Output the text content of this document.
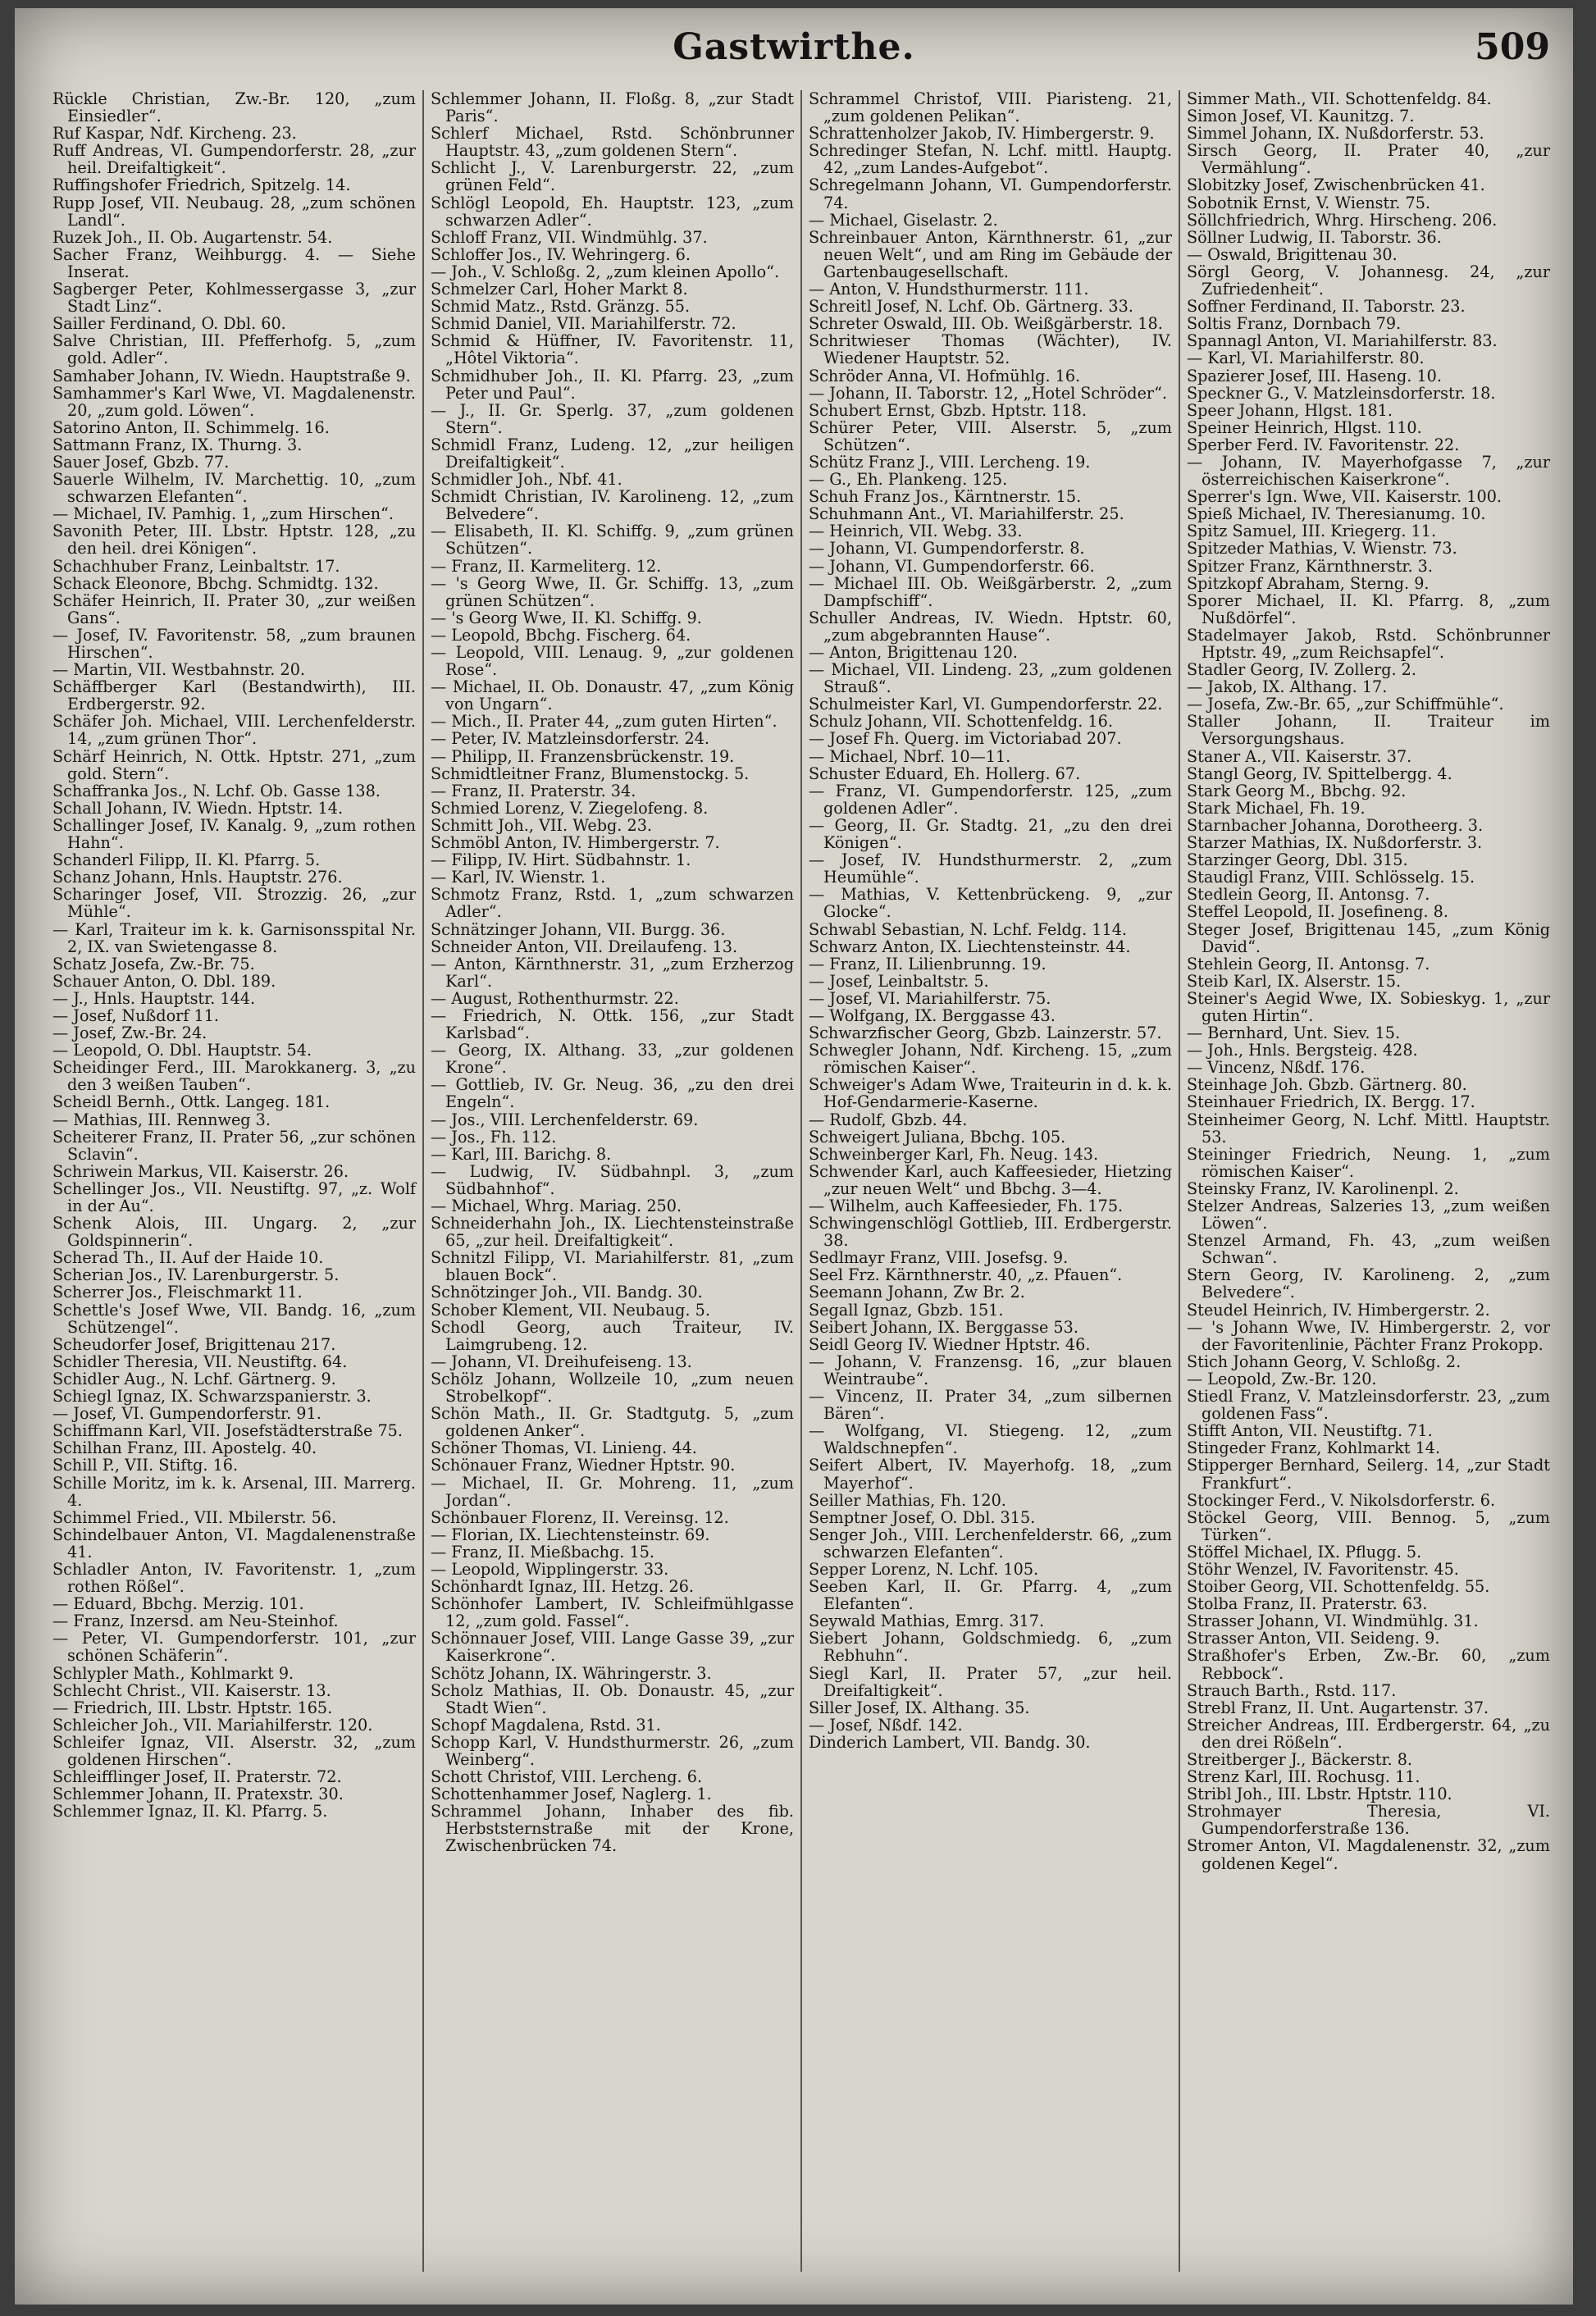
Gastwirthe.	509

Rückle Christian, Zw.-Br. 120, „zum Einsiedler“.

Ruf Kaspar, Ndf. Kircheng. 23.

Ruff Andreas, VI. Gumpendorferstr. 28, „zur heil. Dreifaltigkeit“.

Ruffingshofer Friedrich, Spitzelg. 14.

Rupp Josef, VII. Neubaug. 28, „zum schönen Landl“.

Ruzek Joh., II. Ob. Augartenstr. 54.

Sacher Franz, Weihburgg. 4. — Siehe Inserat.

Sagberger Peter, Kohlmessergasse 3, „zur Stadt Linz“.

Sailler Ferdinand, O. Dbl. 60.

Salve Christian, III. Pfefferhofg. 5, „zum gold. Adler“.

Samhaber Johann, IV. Wiedn. Hauptstraße 9.

Samhammer's Karl Wwe, VI. Magdalenenstr. 20, „zum gold. Löwen“.

Satorino Anton, II. Schimmelg. 16.

Sattmann Franz, IX. Thurng. 3.

Sauer Josef, Gbzb. 77.

Sauerle Wilhelm, IV. Marchettig. 10, „zum schwarzen Elefanten“.

— Michael, IV. Pamhig. 1, „zum Hirschen“.

Savonith Peter, III. Lbstr. Hptstr. 128, „zu den heil. drei Königen“.

Schachhuber Franz, Leinbaltstr. 17.

Schack Eleonore, Bbchg. Schmidtg. 132.

Schäfer Heinrich, II. Prater 30, „zur weißen Gans“.

— Josef, IV. Favoritenstr. 58, „zum braunen Hirschen“.

— Martin, VII. Westbahnstr. 20.

Schäffberger Karl (Bestandwirth), III. Erdbergerstr. 92.

Schäfer Joh. Michael, VIII. Lerchenfelderstr. 14, „zum grünen Thor“.

Schärf Heinrich, N. Ottk. Hptstr. 271, „zum gold. Stern“.

Schaffranka Jos., N. Lchf. Ob. Gasse 138.

Schall Johann, IV. Wiedn. Hptstr. 14.

Schallinger Josef, IV. Kanalg. 9, „zum rothen Hahn“.

Schanderl Filipp, II. Kl. Pfarrg. 5.

Schanz Johann, Hnls. Hauptstr. 276.

Scharinger Josef, VII. Strozzig. 26, „zur Mühle“.

— Karl, Traiteur im k. k. Garnisonsspital Nr. 2, IX. van Swietengasse 8.

Schatz Josefa, Zw.-Br. 75.

Schauer Anton, O. Dbl. 189.

— J., Hnls. Hauptstr. 144.

— Josef, Nußdorf 11.

— Josef, Zw.-Br. 24.

— Leopold, O. Dbl. Hauptstr. 54.

Scheidinger Ferd., III. Marokkanerg. 3, „zu den 3 weißen Tauben“.

Scheidl Bernh., Ottk. Langeg. 181.

— Mathias, III. Rennweg 3.

Scheiterer Franz, II. Prater 56, „zur schönen Sclavin“.

Schriwein Markus, VII. Kaiserstr. 26.

Schellinger Jos., VII. Neustiftg. 97, „z. Wolf in der Au“.

Schenk Alois, III. Ungarg. 2, „zur Goldspinnerin“.

Scherad Th., II. Auf der Haide 10.

Scherian Jos., IV. Larenburgerstr. 5.

Scherrer Jos., Fleischmarkt 11.

Schettle's Josef Wwe, VII. Bandg. 16, „zum Schützengel“.

Scheudorfer Josef, Brigittenau 217.

Schidler Theresia, VII. Neustiftg. 64.

Schidler Aug., N. Lchf. Gärtnerg. 9.

Schiegl Ignaz, IX. Schwarzspanierstr. 3.

— Josef, VI. Gumpendorferstr. 91.

Schiffmann Karl, VII. Josefstädterstraße 75.

Schilhan Franz, III. Apostelg. 40.

Schill P., VII. Stiftg. 16.

Schille Moritz, im k. k. Arsenal, III. Marrerg. 4.

Schimmel Fried., VII. Mbilerstr. 56.

Schindelbauer Anton, VI. Magdalenenstraße 41.

Schladler Anton, IV. Favoritenstr. 1, „zum rothen Rößel“.

— Eduard, Bbchg. Merzig. 101.

— Franz, Inzersd. am Neu-Steinhof.

— Peter, VI. Gumpendorferstr. 101, „zur schönen Schäferin“.

Schlypler Math., Kohlmarkt 9.

Schlecht Christ., VII. Kaiserstr. 13.

— Friedrich, III. Lbstr. Hptstr. 165.

Schleicher Joh., VII. Mariahilferstr. 120.

Schleifer Ignaz, VII. Alserstr. 32, „zum goldenen Hirschen“.

Schleifflinger Josef, II. Praterstr. 72.

Schlemmer Johann, II. Pratexstr. 30.

Schlemmer Ignaz, II. Kl. Pfarrg. 5.

Schlemmer Johann, II. Floßg. 8, „zur Stadt Paris“.

Schlerf Michael, Rstd. Schönbrunner Hauptstr. 43, „zum goldenen Stern“.

Schlicht J., V. Larenburgerstr. 22, „zum grünen Feld“.

Schlögl Leopold, Eh. Hauptstr. 123, „zum schwarzen Adler“.

Schloff Franz, VII. Windmühlg. 37.

Schloffer Jos., IV. Wehringerg. 6.

— Joh., V. Schloßg. 2, „zum kleinen Apollo“.

Schmelzer Carl, Hoher Markt 8.

Schmid Matz., Rstd. Gränzg. 55.

Schmid Daniel, VII. Mariahilferstr. 72.

Schmid & Hüffner, IV. Favoritenstr. 11, „Hôtel Viktoria“.

Schmidhuber Joh., II. Kl. Pfarrg. 23, „zum Peter und Paul“.

— J., II. Gr. Sperlg. 37, „zum goldenen Stern“.

Schmidl Franz, Ludeng. 12, „zur heiligen Dreifaltigkeit“.

Schmidler Joh., Nbf. 41.

Schmidt Christian, IV. Karolineng. 12, „zum Belvedere“.

— Elisabeth, II. Kl. Schiffg. 9, „zum grünen Schützen“.

— Franz, II. Karmeliterg. 12.

— 's Georg Wwe, II. Gr. Schiffg. 13, „zum grünen Schützen“.

— 's Georg Wwe, II. Kl. Schiffg. 9.

— Leopold, Bbchg. Fischerg. 64.

— Leopold, VIII. Lenaug. 9, „zur goldenen Rose“.

— Michael, II. Ob. Donaustr. 47, „zum König von Ungarn“.

— Mich., II. Prater 44, „zum guten Hirten“.

— Peter, IV. Matzleinsdorferstr. 24.

— Philipp, II. Franzensbrückenstr. 19.

Schmidtleitner Franz, Blumenstockg. 5.

— Franz, II. Praterstr. 34.

Schmied Lorenz, V. Ziegelofeng. 8.

Schmitt Joh., VII. Webg. 23.

Schmöbl Anton, IV. Himbergerstr. 7.

— Filipp, IV. Hirt. Südbahnstr. 1.

— Karl, IV. Wienstr. 1.

Schmotz Franz, Rstd. 1, „zum schwarzen Adler“.

Schnätzinger Johann, VII. Burgg. 36.

Schneider Anton, VII. Dreilaufeng. 13.

— Anton, Kärnthnerstr. 31, „zum Erzherzog Karl“.

— August, Rothenthurmstr. 22.

— Friedrich, N. Ottk. 156, „zur Stadt Karlsbad“.

— Georg, IX. Althang. 33, „zur goldenen Krone“.

— Gottlieb, IV. Gr. Neug. 36, „zu den drei Engeln“.

— Jos., VIII. Lerchenfelderstr. 69.

— Jos., Fh. 112.

— Karl, III. Barichg. 8.

— Ludwig, IV. Südbahnpl. 3, „zum Südbahnhof“.

— Michael, Whrg. Mariag. 250.

Schneiderhahn Joh., IX. Liechtensteinstraße 65, „zur heil. Dreifaltigkeit“.

Schnitzl Filipp, VI. Mariahilferstr. 81, „zum blauen Bock“.

Schnötzinger Joh., VII. Bandg. 30.

Schober Klement, VII. Neubaug. 5.

Schodl Georg, auch Traiteur, IV. Laimgrubeng. 12.

— Johann, VI. Dreihufeiseng. 13.

Schölz Johann, Wollzeile 10, „zum neuen Strobelkopf“.

Schön Math., II. Gr. Stadtgutg. 5, „zum goldenen Anker“.

Schöner Thomas, VI. Linieng. 44.

Schönauer Franz, Wiedner Hptstr. 90.

— Michael, II. Gr. Mohreng. 11, „zum Jordan“.

Schönbauer Florenz, II. Vereinsg. 12.

— Florian, IX. Liechtensteinstr. 69.

— Franz, II. Mießbachg. 15.

— Leopold, Wipplingerstr. 33.

Schönhardt Ignaz, III. Hetzg. 26.

Schönhofer Lambert, IV. Schleifmühlgasse 12, „zum gold. Fassel“.

Schönnauer Josef, VIII. Lange Gasse 39, „zur Kaiserkrone“.

Schötz Johann, IX. Währingerstr. 3.

Scholz Mathias, II. Ob. Donaustr. 45, „zur Stadt Wien“.

Schopf Magdalena, Rstd. 31.

Schopp Karl, V. Hundsthurmerstr. 26, „zum Weinberg“.

Schott Christof, VIII. Lercheng. 6.

Schottenhammer Josef, Naglerg. 1.

Schrammel Johann, Inhaber des fib. Herbststernstraße mit der Krone, Zwischenbrücken 74.

Schrammel Christof, VIII. Piaristeng. 21, „zum goldenen Pelikan“.

Schrattenholzer Jakob, IV. Himbergerstr. 9.

Schredinger Stefan, N. Lchf. mittl. Hauptg. 42, „zum Landes-Aufgebot“.

Schregelmann Johann, VI. Gumpendorferstr. 74.

— Michael, Giselastr. 2.

Schreinbauer Anton, Kärnthnerstr. 61, „zur neuen Welt“, und am Ring im Gebäude der Gartenbaugesellschaft.

— Anton, V. Hundsthurmerstr. 111.

Schreitl Josef, N. Lchf. Ob. Gärtnerg. 33.

Schreter Oswald, III. Ob. Weißgärberstr. 18.

Schritwieser Thomas (Wächter), IV. Wiedener Hauptstr. 52.

Schröder Anna, VI. Hofmühlg. 16.

— Johann, II. Taborstr. 12, „Hotel Schröder“.

Schubert Ernst, Gbzb. Hptstr. 118.

Schürer Peter, VIII. Alserstr. 5, „zum Schützen“.

Schütz Franz J., VIII. Lercheng. 19.

— G., Eh. Plankeng. 125.

Schuh Franz Jos., Kärntnerstr. 15.

Schuhmann Ant., VI. Mariahilferstr. 25.

— Heinrich, VII. Webg. 33.

— Johann, VI. Gumpendorferstr. 8.

— Johann, VI. Gumpendorferstr. 66.

— Michael III. Ob. Weißgärberstr. 2, „zum Dampfschiff“.

Schuller Andreas, IV. Wiedn. Hptstr. 60, „zum abgebrannten Hause“.

— Anton, Brigittenau 120.

— Michael, VII. Lindeng. 23, „zum goldenen Strauß“.

Schulmeister Karl, VI. Gumpendorferstr. 22.

Schulz Johann, VII. Schottenfeldg. 16.

— Josef Fh. Querg. im Victoriabad 207.

— Michael, Nbrf. 10—11.

Schuster Eduard, Eh. Hollerg. 67.

— Franz, VI. Gumpendorferstr. 125, „zum goldenen Adler“.

— Georg, II. Gr. Stadtg. 21, „zu den drei Königen“.

— Josef, IV. Hundsthurmerstr. 2, „zum Heumühle“.

— Mathias, V. Kettenbrückeng. 9, „zur Glocke“.

Schwabl Sebastian, N. Lchf. Feldg. 114.

Schwarz Anton, IX. Liechtensteinstr. 44.

— Franz, II. Lilienbrunng. 19.

— Josef, Leinbaltstr. 5.

— Josef, VI. Mariahilferstr. 75.

— Wolfgang, IX. Berggasse 43.

Schwarzfischer Georg, Gbzb. Lainzerstr. 57.

Schwegler Johann, Ndf. Kircheng. 15, „zum römischen Kaiser“.

Schweiger's Adam Wwe, Traiteurin in d. k. k. Hof-Gendarmerie-Kaserne.

— Rudolf, Gbzb. 44.

Schweigert Juliana, Bbchg. 105.

Schweinberger Karl, Fh. Neug. 143.

Schwender Karl, auch Kaffeesieder, Hietzing „zur neuen Welt“ und Bbchg. 3—4.

— Wilhelm, auch Kaffeesieder, Fh. 175.

Schwingenschlögl Gottlieb, III. Erdbergerstr. 38.

Sedlmayr Franz, VIII. Josefsg. 9.

Seel Frz. Kärnthnerstr. 40, „z. Pfauen“.

Seemann Johann, Zw Br. 2.

Segall Ignaz, Gbzb. 151.

Seibert Johann, IX. Berggasse 53.

Seidl Georg IV. Wiedner Hptstr. 46.

— Johann, V. Franzensg. 16, „zur blauen Weintraube“.

— Vincenz, II. Prater 34, „zum silbernen Bären“.

— Wolfgang, VI. Stiegeng. 12, „zum Waldschnepfen“.

Seifert Albert, IV. Mayerhofg. 18, „zum Mayerhof“.

Seiller Mathias, Fh. 120.

Semptner Josef, O. Dbl. 315.

Senger Joh., VIII. Lerchenfelderstr. 66, „zum schwarzen Elefanten“.

Sepper Lorenz, N. Lchf. 105.

Seeben Karl, II. Gr. Pfarrg. 4, „zum Elefanten“.

Seywald Mathias, Emrg. 317.

Siebert Johann, Goldschmiedg. 6, „zum Rebhuhn“.

Siegl Karl, II. Prater 57, „zur heil. Dreifaltigkeit“.

Siller Josef, IX. Althang. 35.

— Josef, Nßdf. 142.

Dinderich Lambert, VII. Bandg. 30.

Simmer Math., VII. Schottenfeldg. 84.

Simon Josef, VI. Kaunitzg. 7.

Simmel Johann, IX. Nußdorferstr. 53.

Sirsch Georg, II. Prater 40, „zur Vermählung“.

Slobitzky Josef, Zwischenbrücken 41.

Sobotnik Ernst, V. Wienstr. 75.

Söllchfriedrich, Whrg. Hirscheng. 206.

Söllner Ludwig, II. Taborstr. 36.

— Oswald, Brigittenau 30.

Sörgl Georg, V. Johannesg. 24, „zur Zufriedenheit“.

Soffner Ferdinand, II. Taborstr. 23.

Soltis Franz, Dornbach 79.

Spannagl Anton, VI. Mariahilferstr. 83.

— Karl, VI. Mariahilferstr. 80.

Spazierer Josef, III. Haseng. 10.

Speckner G., V. Matzleinsdorferstr. 18.

Speer Johann, Hlgst. 181.

Speiner Heinrich, Hlgst. 110.

Sperber Ferd. IV. Favoritenstr. 22.

— Johann, IV. Mayerhofgasse 7, „zur österreichischen Kaiserkrone“.

Sperrer's Ign. Wwe, VII. Kaiserstr. 100.

Spieß Michael, IV. Theresianumg. 10.

Spitz Samuel, III. Kriegerg. 11.

Spitzeder Mathias, V. Wienstr. 73.

Spitzer Franz, Kärnthnerstr. 3.

Spitzkopf Abraham, Sterng. 9.

Sporer Michael, II. Kl. Pfarrg. 8, „zum Nußdörfel“.

Stadelmayer Jakob, Rstd. Schönbrunner Hptstr. 49, „zum Reichsapfel“.

Stadler Georg, IV. Zollerg. 2.

— Jakob, IX. Althang. 17.

— Josefa, Zw.-Br. 65, „zur Schiffmühle“.

Staller Johann, II. Traiteur im Versorgungshaus.

Staner A., VII. Kaiserstr. 37.

Stangl Georg, IV. Spittelbergg. 4.

Stark Georg M., Bbchg. 92.

Stark Michael, Fh. 19.

Starnbacher Johanna, Dorotheerg. 3.

Starzer Mathias, IX. Nußdorferstr. 3.

Starzinger Georg, Dbl. 315.

Staudigl Franz, VIII. Schlösselg. 15.

Stedlein Georg, II. Antonsg. 7.

Steffel Leopold, II. Josefineng. 8.

Steger Josef, Brigittenau 145, „zum König David“.

Stehlein Georg, II. Antonsg. 7.

Steib Karl, IX. Alserstr. 15.

Steiner's Aegid Wwe, IX. Sobieskyg. 1, „zur guten Hirtin“.

— Bernhard, Unt. Siev. 15.

— Joh., Hnls. Bergsteig. 428.

— Vincenz, Nßdf. 176.

Steinhage Joh. Gbzb. Gärtnerg. 80.

Steinhauer Friedrich, IX. Bergg. 17.

Steinheimer Georg, N. Lchf. Mittl. Hauptstr. 53.

Steininger Friedrich, Neung. 1, „zum römischen Kaiser“.

Steinsky Franz, IV. Karolinenpl. 2.

Stelzer Andreas, Salzeries 13, „zum weißen Löwen“.

Stenzel Armand, Fh. 43, „zum weißen Schwan“.

Stern Georg, IV. Karolineng. 2, „zum Belvedere“.

Steudel Heinrich, IV. Himbergerstr. 2.

— 's Johann Wwe, IV. Himbergerstr. 2, vor der Favoritenlinie, Pächter Franz Prokopp.

Stich Johann Georg, V. Schloßg. 2.

— Leopold, Zw.-Br. 120.

Stiedl Franz, V. Matzleinsdorferstr. 23, „zum goldenen Fass“.

Stifft Anton, VII. Neustiftg. 71.

Stingeder Franz, Kohlmarkt 14.

Stipperger Bernhard, Seilerg. 14, „zur Stadt Frankfurt“.

Stockinger Ferd., V. Nikolsdorferstr. 6.

Stöckel Georg, VIII. Bennog. 5, „zum Türken“.

Stöffel Michael, IX. Pflugg. 5.

Stöhr Wenzel, IV. Favoritenstr. 45.

Stoiber Georg, VII. Schottenfeldg. 55.

Stolba Franz, II. Praterstr. 63.

Strasser Johann, VI. Windmühlg. 31.

Strasser Anton, VII. Seideng. 9.

Straßhofer's Erben, Zw.-Br. 60, „zum Rebbock“.

Strauch Barth., Rstd. 117.

Strebl Franz, II. Unt. Augartenstr. 37.

Streicher Andreas, III. Erdbergerstr. 64, „zu den drei Rößeln“.

Streitberger J., Bäckerstr. 8.

Strenz Karl, III. Rochusg. 11.

Stribl Joh., III. Lbstr. Hptstr. 110.

Strohmayer Theresia, VI. Gumpendorferstraße 136.

Stromer Anton, VI. Magdalenenstr. 32, „zum goldenen Kegel“.
